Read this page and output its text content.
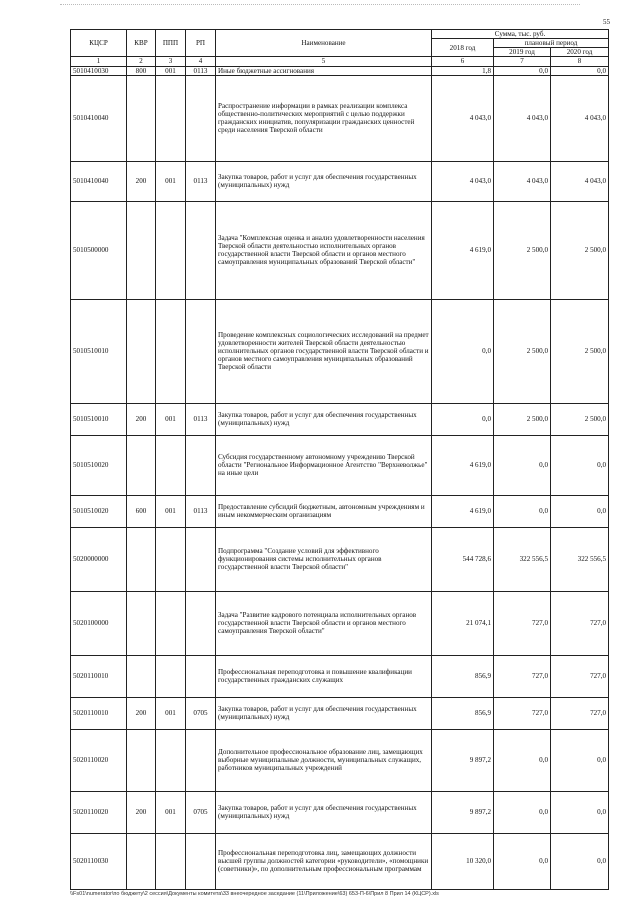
55
КЦСР	КВР	ППП	РП	Наименование	Сумма, тыс. руб.		
					2018 год	плановый период	
						2019 год	2020 год
1	2	3	4	5	6	7	8
5010410030	800	001	0113	Иные бюджетные ассигнования	1,8	0,0	0,0
5010410040				Распространение информации в рамках реализации комплекса общественно-политических мероприятий с целью поддержки гражданских инициатив, популяризации гражданских ценностей среди населения Тверской области	4 043,0	4 043,0	4 043,0
5010410040	200	001	0113	Закупка товаров, работ и услуг для обеспечения государственных (муниципальных) нужд	4 043,0	4 043,0	4 043,0
5010500000				Задача "Комплексная оценка и анализ удовлетворенности населения Тверской области деятельностью исполнительных органов государственной власти Тверской области и органов местного самоуправления муниципальных образований Тверской области"	4 619,0	2 500,0	2 500,0
5010510010				Проведение комплексных социологических исследований на предмет удовлетворенности жителей Тверской области деятельностью исполнительных органов государственной власти Тверской области и органов местного самоуправления муниципальных образований Тверской области	0,0	2 500,0	2 500,0
5010510010	200	001	0113	Закупка товаров, работ и услуг для обеспечения государственных (муниципальных) нужд	0,0	2 500,0	2 500,0
5010510020				Субсидия государственному автономному учреждению Тверской области "Региональное Информационное Агентство "Верхневолжье" на иные цели	4 619,0	0,0	0,0
5010510020	600	001	0113	Предоставление субсидий бюджетным, автономным учреждениям и иным некоммерческим организациям	4 619,0	0,0	0,0
5020000000				Подпрограмма "Создание условий для эффективного функционирования системы исполнительных органов государственной власти Тверской области"	544 728,6	322 556,5	322 556,5
5020100000				Задача "Развитие кадрового потенциала исполнительных органов государственной власти Тверской области и органов местного самоуправления Тверской области"	21 074,1	727,0	727,0
5020110010				Профессиональная переподготовка и повышение квалификации государственных гражданских служащих	856,9	727,0	727,0
5020110010	200	001	0705	Закупка товаров, работ и услуг для обеспечения государственных (муниципальных) нужд	856,9	727,0	727,0
5020110020				Дополнительное профессиональное образование лиц, замещающих выборные муниципальные должности, муниципальных служащих, работников муниципальных учреждений	9 897,2	0,0	0,0
5020110020	200	001	0705	Закупка товаров, работ и услуг для обеспечения государственных (муниципальных) нужд	9 897,2	0,0	0,0
5020110030				Профессиональная переподготовка лиц, замещающих должности высшей группы должностей категории «руководители», «помощники (советники)», по дополнительным профессиональным программам	10 320,0	0,0	0,0
\\Fs01\numerator\по бюджету\2 сессия\Документы комитета\33 внеочередное заседание (11\Приложение\63) 653-П-6\Прил 8 Прил 14 (КЦСР).xls
